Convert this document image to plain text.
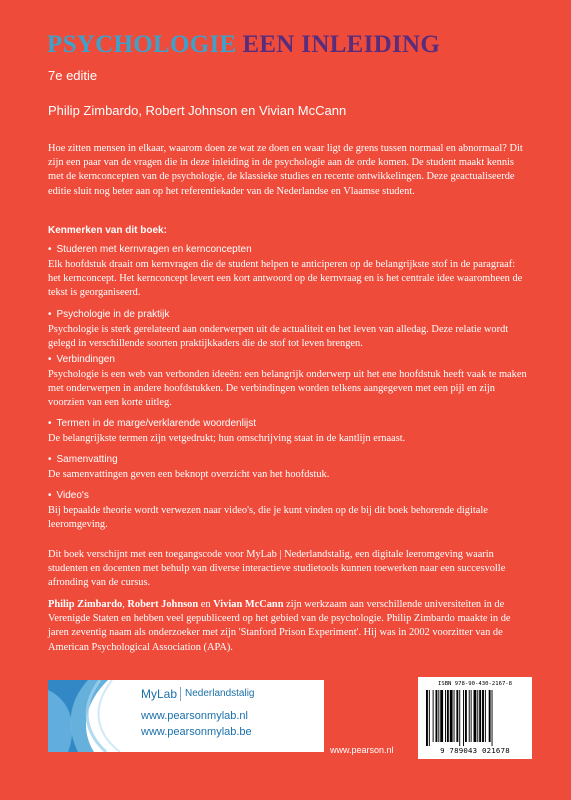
PSYCHOLOGIE EEN INLEIDING
7e editie
Philip Zimbardo, Robert Johnson en Vivian McCann
Hoe zitten mensen in elkaar, waarom doen ze wat ze doen en waar ligt de grens tussen normaal en abnormaal? Dit zijn een paar van de vragen die in deze inleiding in de psychologie aan de orde komen. De student maakt kennis met de kernconcepten van de psychologie, de klassieke studies en recente ontwikkelingen. Deze geactualiseerde editie sluit nog beter aan op het referentiekader van de Nederlandse en Vlaamse student.
Kenmerken van dit boek:
• Studeren met kernvragen en kernconcepten
Elk hoofdstuk draait om kernvragen die de student helpen te anticiperen op de belangrijkste stof in de paragraaf: het kernconcept. Het kernconcept levert een kort antwoord op de kernvraag en is het centrale idee waaromheen de tekst is georganiseerd.
• Psychologie in de praktijk
Psychologie is sterk gerelateerd aan onderwerpen uit de actualiteit en het leven van alledag. Deze relatie wordt gelegd in verschillende soorten praktijkkaders die de stof tot leven brengen.
• Verbindingen
Psychologie is een web van verbonden ideeën: een belangrijk onderwerp uit het ene hoofdstuk heeft vaak te maken met onderwerpen in andere hoofdstukken. De verbindingen worden telkens aangegeven met een pijl en zijn voorzien van een korte uitleg.
• Termen in de marge/verklarende woordenlijst
De belangrijkste termen zijn vetgedrukt; hun omschrijving staat in de kantlijn ernaast.
• Samenvatting
De samenvattingen geven een beknopt overzicht van het hoofdstuk.
• Video's
Bij bepaalde theorie wordt verwezen naar video's, die je kunt vinden op de bij dit boek behorende digitale leeromgeving.
Dit boek verschijnt met een toegangscode voor MyLab | Nederlandstalig, een digitale leeromgeving waarin studenten en docenten met behulp van diverse interactieve studietools kunnen toewerken naar een succesvolle afronding van de cursus.
Philip Zimbardo, Robert Johnson en Vivian McCann zijn werkzaam aan verschillende universiteiten in de Verenigde Staten en hebben veel gepubliceerd op het gebied van de psychologie. Philip Zimbardo maakte in de jaren zeventig naam als onderzoeker met zijn 'Stanford Prison Experiment'. Hij was in 2002 voorzitter van de American Psychological Association (APA).
MyLab Nederlandstalig
www.pearsonmylab.nl
www.pearsonmylab.be
www.pearson.nl
ISBN 978-90-430-2167-8
9 789043 021678
